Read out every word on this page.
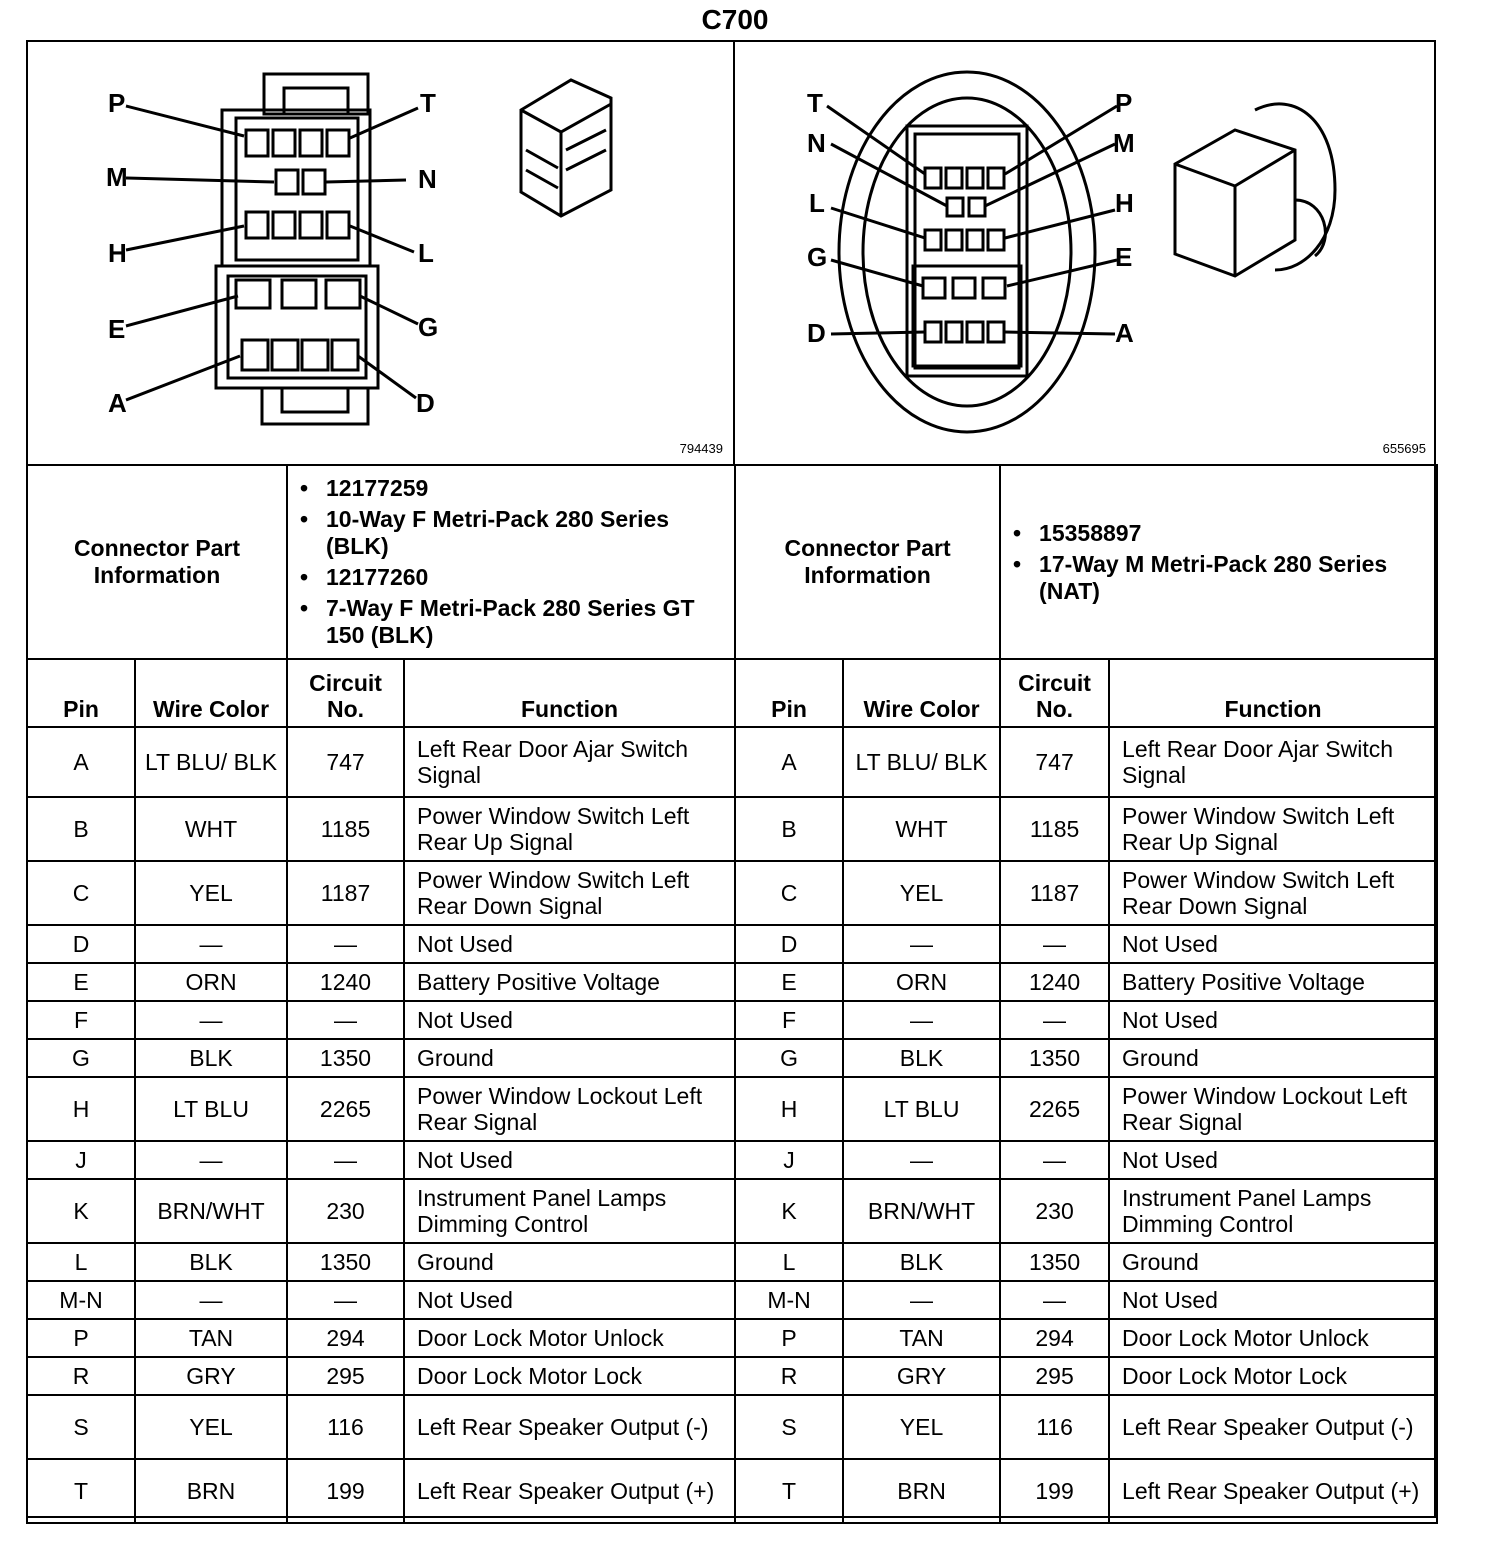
C700
P	T
M	N
H	L
E	G
A	D
794439
T	P
N	M
L	H
G	E
D	A
655695
Connector Part Information		• 12177259
• 10-Way F Metri-Pack 280 Series (BLK)
• 12177260
• 7-Way F Metri-Pack 280 Series GT 150 (BLK)		Connector Part Information		• 15358897
• 17-Way M Metri-Pack 280 Series (NAT)

Pin	Wire Color	Circuit No.	Function	Pin	Wire Color	Circuit No.	Function
A	LT BLU/ BLK	747	Left Rear Door Ajar Switch Signal	A	LT BLU/ BLK	747	Left Rear Door Ajar Switch Signal
B	WHT	1185	Power Window Switch Left Rear Up Signal	B	WHT	1185	Power Window Switch Left Rear Up Signal
C	YEL	1187	Power Window Switch Left Rear Down Signal	C	YEL	1187	Power Window Switch Left Rear Down Signal
D	—	—	Not Used	D	—	—	Not Used
E	ORN	1240	Battery Positive Voltage	E	ORN	1240	Battery Positive Voltage
F	—	—	Not Used	F	—	—	Not Used
G	BLK	1350	Ground	G	BLK	1350	Ground
H	LT BLU	2265	Power Window Lockout Left Rear Signal	H	LT BLU	2265	Power Window Lockout Left Rear Signal
J	—	—	Not Used	J	—	—	Not Used
K	BRN/WHT	230	Instrument Panel Lamps Dimming Control	K	BRN/WHT	230	Instrument Panel Lamps Dimming Control
L	BLK	1350	Ground	L	BLK	1350	Ground
M-N	—	—	Not Used	M-N	—	—	Not Used
P	TAN	294	Door Lock Motor Unlock	P	TAN	294	Door Lock Motor Unlock
R	GRY	295	Door Lock Motor Lock	R	GRY	295	Door Lock Motor Lock
S	YEL	116	Left Rear Speaker Output (-)	S	YEL	116	Left Rear Speaker Output (-)
T	BRN	199	Left Rear Speaker Output (+)	T	BRN	199	Left Rear Speaker Output (+)
